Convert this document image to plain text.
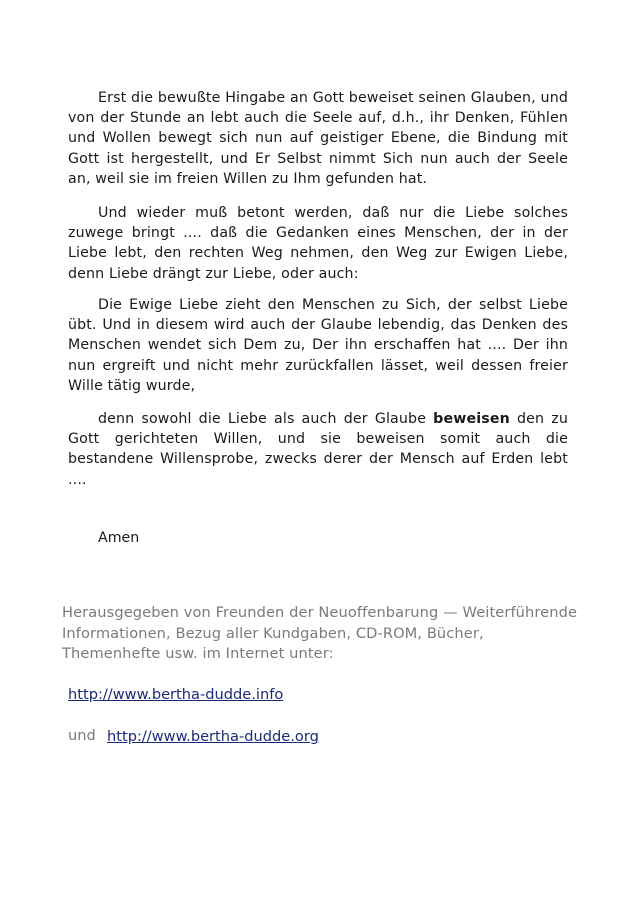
Erst die bewußte Hingabe an Gott beweiset seinen Glauben, und von der Stunde an lebt auch die Seele auf, d.h., ihr Denken, Fühlen und Wollen bewegt sich nun auf geistiger Ebene, die Bindung mit Gott ist hergestellt, und Er Selbst nimmt Sich nun auch der Seele an, weil sie im freien Willen zu Ihm gefunden hat.

Und wieder muß betont werden, daß nur die Liebe solches zuwege bringt .... daß die Gedanken eines Menschen, der in der Liebe lebt, den rechten Weg nehmen, den Weg zur Ewigen Liebe, denn Liebe drängt zur Liebe, oder auch:

Die Ewige Liebe zieht den Menschen zu Sich, der selbst Liebe übt. Und in diesem wird auch der Glaube lebendig, das Denken des Menschen wendet sich Dem zu, Der ihn erschaffen hat .... Der ihn nun ergreift und nicht mehr zurückfallen lässet, weil dessen freier Wille tätig wurde,

denn sowohl die Liebe als auch der Glaube beweisen den zu Gott gerichteten Willen, und sie beweisen somit auch die bestandene Willensprobe, zwecks derer der Mensch auf Erden lebt ....

Amen
Herausgegeben von Freunden der Neuoffenbarung — Weiterführende Informationen, Bezug aller Kundgaben, CD-ROM, Bücher, Themenhefte usw. im Internet unter:
http://www.bertha-dudde.info
und http://www.bertha-dudde.org
